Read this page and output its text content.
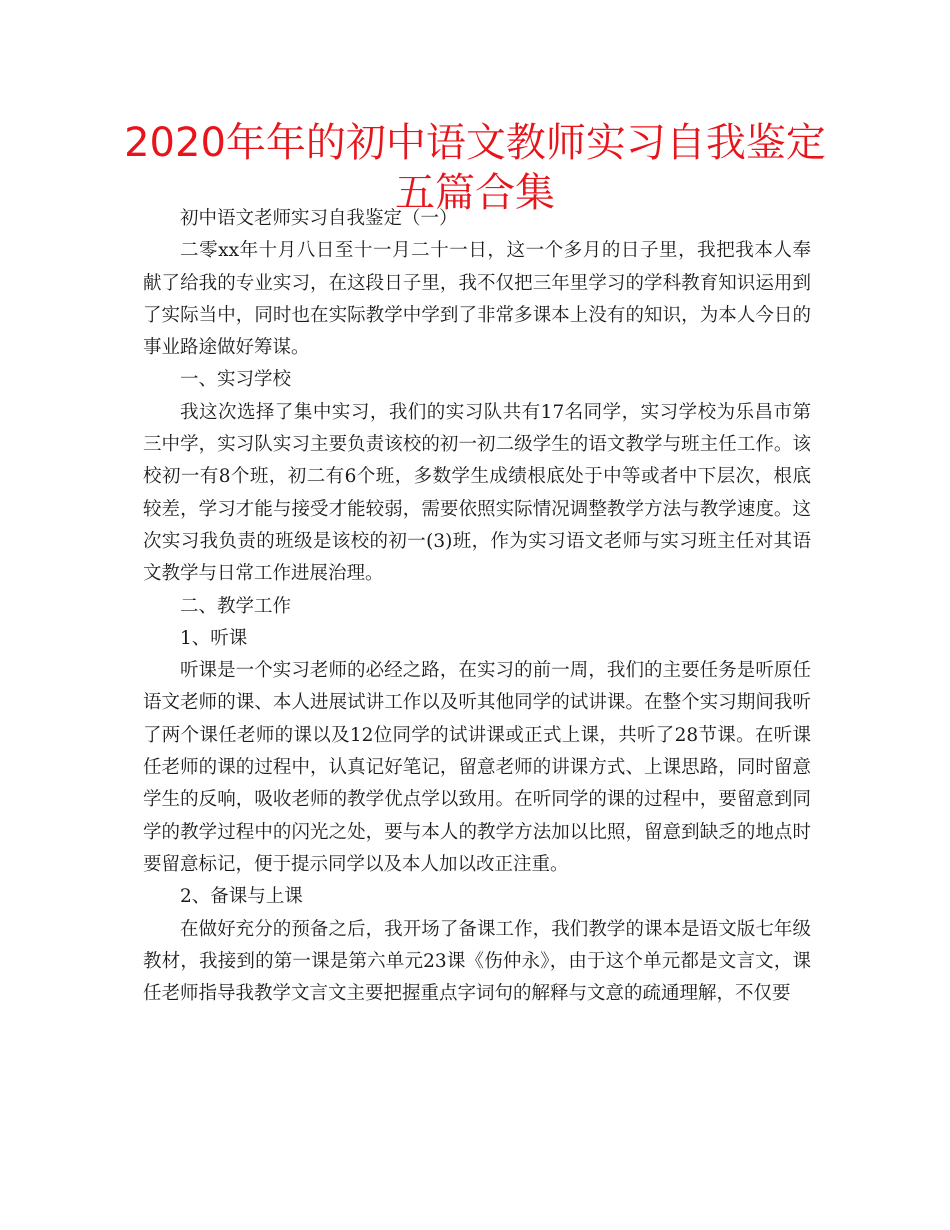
2020年年的初中语文教师实习自我鉴定五篇合集

初中语文老师实习自我鉴定（一）

二零xx年十月八日至十一月二十一日，这一个多月的日子里，我把我本人奉献了给我的专业实习，在这段日子里，我不仅把三年里学习的学科教育知识运用到了实际当中，同时也在实际教学中学到了非常多课本上没有的知识，为本人今日的事业路途做好筹谋。

一、实习学校

我这次选择了集中实习，我们的实习队共有17名同学，实习学校为乐昌市第三中学，实习队实习主要负责该校的初一初二级学生的语文教学与班主任工作。该校初一有8个班，初二有6个班，多数学生成绩根底处于中等或者中下层次，根底较差，学习才能与接受才能较弱，需要依照实际情况调整教学方法与教学速度。这次实习我负责的班级是该校的初一(3)班，作为实习语文老师与实习班主任对其语文教学与日常工作进展治理。

二、教学工作

1、听课

听课是一个实习老师的必经之路，在实习的前一周，我们的主要任务是听原任语文老师的课、本人进展试讲工作以及听其他同学的试讲课。在整个实习期间我听了两个课任老师的课以及12位同学的试讲课或正式上课，共听了28节课。在听课任老师的课的过程中，认真记好笔记，留意老师的讲课方式、上课思路，同时留意学生的反响，吸收老师的教学优点学以致用。在听同学的课的过程中，要留意到同学的教学过程中的闪光之处，要与本人的教学方法加以比照，留意到缺乏的地点时要留意标记，便于提示同学以及本人加以改正注重。

2、备课与上课

在做好充分的预备之后，我开场了备课工作，我们教学的课本是语文版七年级教材，我接到的第一课是第六单元23课《伤仲永》，由于这个单元都是文言文，课任老师指导我教学文言文主要把握重点字词句的解释与文意的疏通理解，不仅要
